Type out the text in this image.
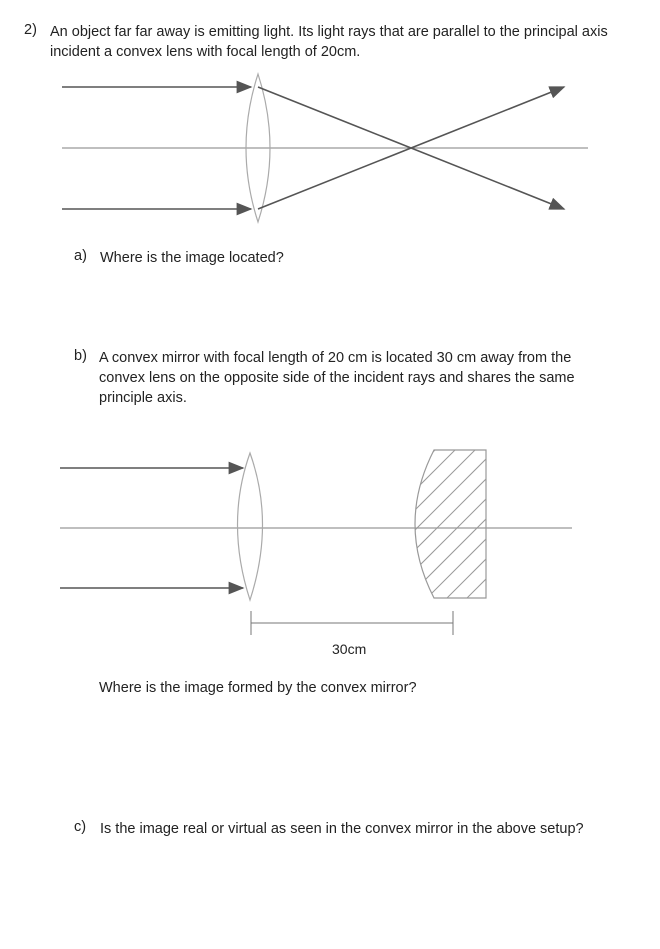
2) An object far far away is emitting light. Its light rays that are parallel to the principal axis incident a convex lens with focal length of 20cm.
a) Where is the image located?
b) A convex mirror with focal length of 20 cm is located 30 cm away from the convex lens on the opposite side of the incident rays and shares the same principle axis.
30cm
Where is the image formed by the convex mirror?
c) Is the image real or virtual as seen in the convex mirror in the above setup?
